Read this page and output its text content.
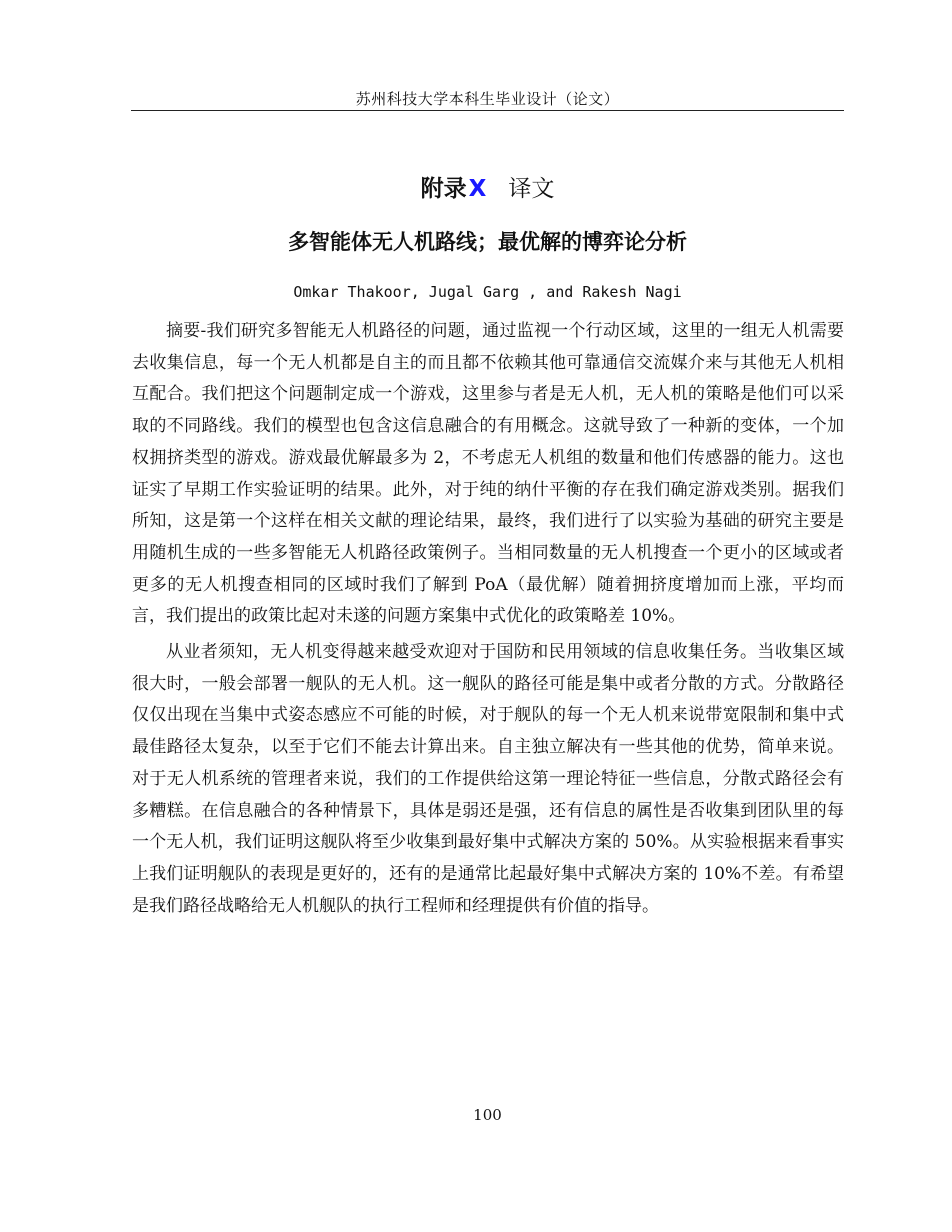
苏州科技大学本科生毕业设计（论文）
附录X 译文
多智能体无人机路线；最优解的博弈论分析
Omkar Thakoor, Jugal Garg , and Rakesh Nagi

摘要-我们研究多智能无人机路径的问题，通过监视一个行动区域，这里的一组无人机需要去收集信息，每一个无人机都是自主的而且都不依赖其他可靠通信交流媒介来与其他无人机相互配合。我们把这个问题制定成一个游戏，这里参与者是无人机，无人机的策略是他们可以采取的不同路线。我们的模型也包含这信息融合的有用概念。这就导致了一种新的变体，一个加权拥挤类型的游戏。游戏最优解最多为 2，不考虑无人机组的数量和他们传感器的能力。这也证实了早期工作实验证明的结果。此外，对于纯的纳什平衡的存在我们确定游戏类别。据我们所知，这是第一个这样在相关文献的理论结果，最终，我们进行了以实验为基础的研究主要是用随机生成的一些多智能无人机路径政策例子。当相同数量的无人机搜查一个更小的区域或者更多的无人机搜查相同的区域时我们了解到 PoA（最优解）随着拥挤度增加而上涨，平均而言，我们提出的政策比起对未遂的问题方案集中式优化的政策略差 10%。

从业者须知，无人机变得越来越受欢迎对于国防和民用领域的信息收集任务。当收集区域很大时，一般会部署一舰队的无人机。这一舰队的路径可能是集中或者分散的方式。分散路径仅仅出现在当集中式姿态感应不可能的时候，对于舰队的每一个无人机来说带宽限制和集中式最佳路径太复杂，以至于它们不能去计算出来。自主独立解决有一些其他的优势，简单来说。对于无人机系统的管理者来说，我们的工作提供给这第一理论特征一些信息，分散式路径会有多糟糕。在信息融合的各种情景下，具体是弱还是强，还有信息的属性是否收集到团队里的每一个无人机，我们证明这舰队将至少收集到最好集中式解决方案的 50%。从实验根据来看事实上我们证明舰队的表现是更好的，还有的是通常比起最好集中式解决方案的 10%不差。有希望是我们路径战略给无人机舰队的执行工程师和经理提供有价值的指导。

100
